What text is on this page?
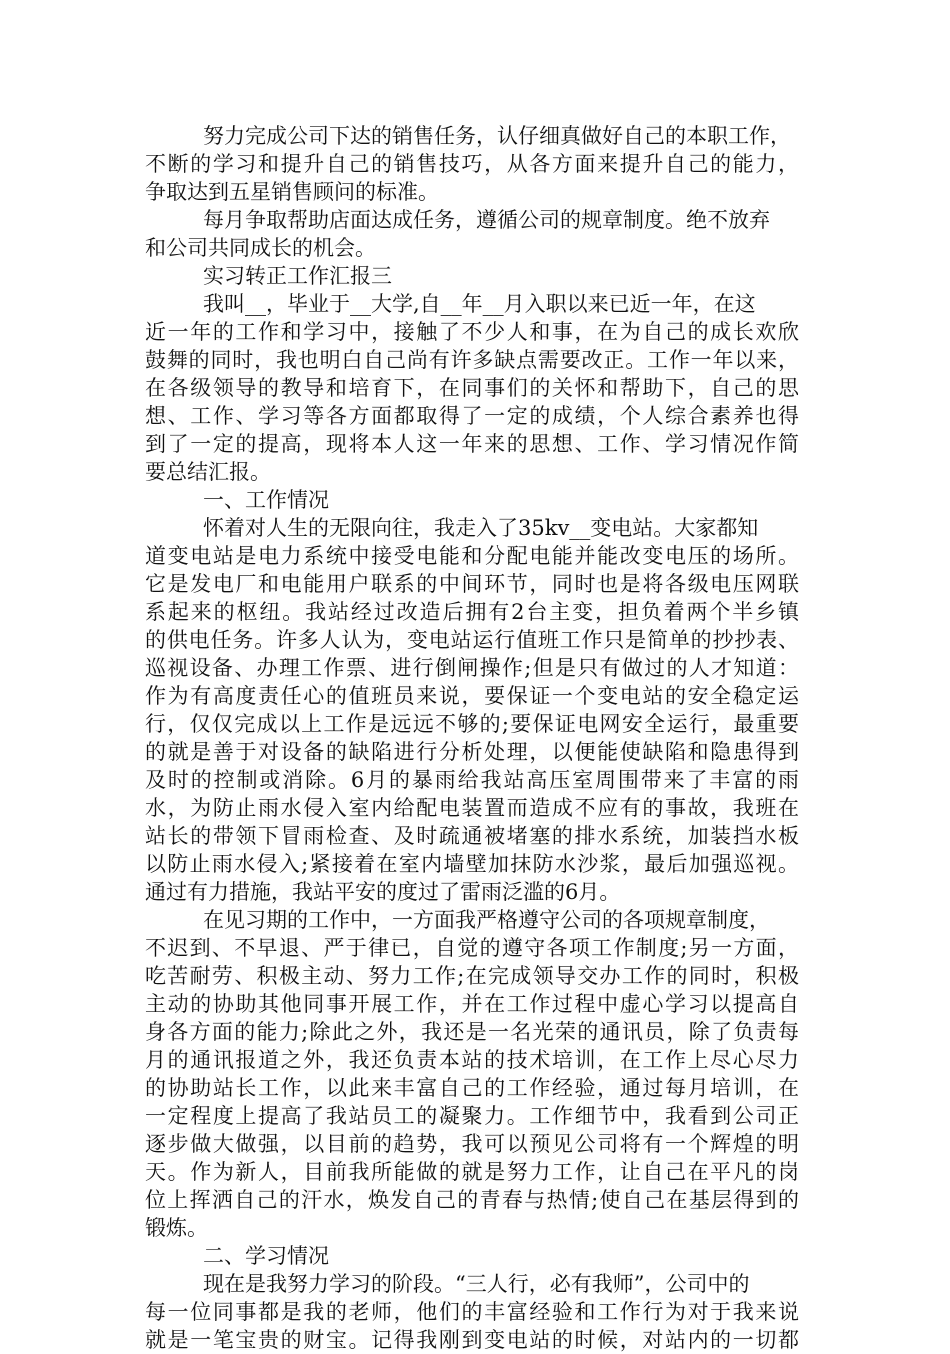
努力完成公司下达的销售任务，认仔细真做好自己的本职工作，
不断的学习和提升自己的销售技巧，从各方面来提升自己的能力，
争取达到五星销售顾问的标准。
每月争取帮助店面达成任务，遵循公司的规章制度。绝不放弃
和公司共同成长的机会。
实习转正工作汇报三
我叫__，毕业于__大学,自__年__月入职以来已近一年，在这
近一年的工作和学习中，接触了不少人和事，在为自己的成长欢欣
鼓舞的同时，我也明白自己尚有许多缺点需要改正。工作一年以来，
在各级领导的教导和培育下，在同事们的关怀和帮助下，自己的思
想、工作、学习等各方面都取得了一定的成绩，个人综合素养也得
到了一定的提高，现将本人这一年来的思想、工作、学习情况作简
要总结汇报。
一、工作情况
怀着对人生的无限向往，我走入了35kv__变电站。大家都知
道变电站是电力系统中接受电能和分配电能并能改变电压的场所。
它是发电厂和电能用户联系的中间环节，同时也是将各级电压网联
系起来的枢纽。我站经过改造后拥有2台主变，担负着两个半乡镇
的供电任务。许多人认为，变电站运行值班工作只是简单的抄抄表、
巡视设备、办理工作票、进行倒闸操作;但是只有做过的人才知道：
作为有高度责任心的值班员来说，要保证一个变电站的安全稳定运
行，仅仅完成以上工作是远远不够的;要保证电网安全运行，最重要
的就是善于对设备的缺陷进行分析处理，以便能使缺陷和隐患得到
及时的控制或消除。6月的暴雨给我站高压室周围带来了丰富的雨
水，为防止雨水侵入室内给配电装置而造成不应有的事故，我班在
站长的带领下冒雨检查、及时疏通被堵塞的排水系统，加装挡水板
以防止雨水侵入;紧接着在室内墙壁加抹防水沙浆，最后加强巡视。
通过有力措施，我站平安的度过了雷雨泛滥的6月。
在见习期的工作中，一方面我严格遵守公司的各项规章制度，
不迟到、不早退、严于律已，自觉的遵守各项工作制度;另一方面，
吃苦耐劳、积极主动、努力工作;在完成领导交办工作的同时，积极
主动的协助其他同事开展工作，并在工作过程中虚心学习以提高自
身各方面的能力;除此之外，我还是一名光荣的通讯员，除了负责每
月的通讯报道之外，我还负责本站的技术培训，在工作上尽心尽力
的协助站长工作，以此来丰富自己的工作经验，通过每月培训，在
一定程度上提高了我站员工的凝聚力。工作细节中，我看到公司正
逐步做大做强，以目前的趋势，我可以预见公司将有一个辉煌的明
天。作为新人，目前我所能做的就是努力工作，让自己在平凡的岗
位上挥洒自己的汗水，焕发自己的青春与热情;使自己在基层得到的
锻炼。
二、学习情况
现在是我努力学习的阶段。“三人行，必有我师”，公司中的
每一位同事都是我的老师，他们的丰富经验和工作行为对于我来说
就是一笔宝贵的财宝。记得我刚到变电站的时候，对站内的一切都
